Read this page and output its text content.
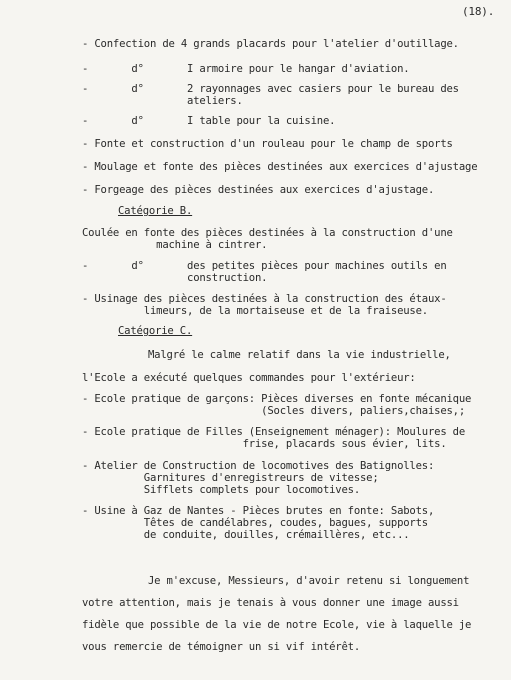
(18).
- Confection de 4 grands placards pour l'atelier d'outillage.
-       d°       I armoire pour le hangar d'aviation.
-       d°       2 rayonnages avec casiers pour le bureau des
ateliers.
-       d°       I table pour la cuisine.
- Fonte et construction d'un rouleau pour le champ de sports
- Moulage et fonte des pièces destinées aux exercices d'ajustage
- Forgeage des pièces destinées aux exercices d'ajustage.
Catégorie B.
Coulée en fonte des pièces destinées à la construction d'une
machine à cintrer.
-       d°       des petites pièces pour machines outils en
construction.
- Usinage des pièces destinées à la construction des étaux-
limeurs, de la mortaiseuse et de la fraiseuse.
Catégorie C.
Malgré le calme relatif dans la vie industrielle,
l'Ecole a exécuté quelques commandes pour l'extérieur:
- Ecole pratique de garçons: Pièces diverses en fonte mécanique
(Socles divers, paliers,chaises,;
- Ecole pratique de Filles (Enseignement ménager): Moulures de
frise, placards sous évier, lits.
- Atelier de Construction de locomotives des Batignolles:
Garnitures d'enregistreurs de vitesse;
Sifflets complets pour locomotives.
- Usine à Gaz de Nantes - Pièces brutes en fonte: Sabots,
Têtes de candélabres, coudes, bagues, supports
de conduite, douilles, crémaillères, etc...
Je m'excuse, Messieurs, d'avoir retenu si longuement
votre attention, mais je tenais à vous donner une image aussi
fidèle que possible de la vie de notre Ecole, vie à laquelle je
vous remercie de témoigner un si vif intérêt.
